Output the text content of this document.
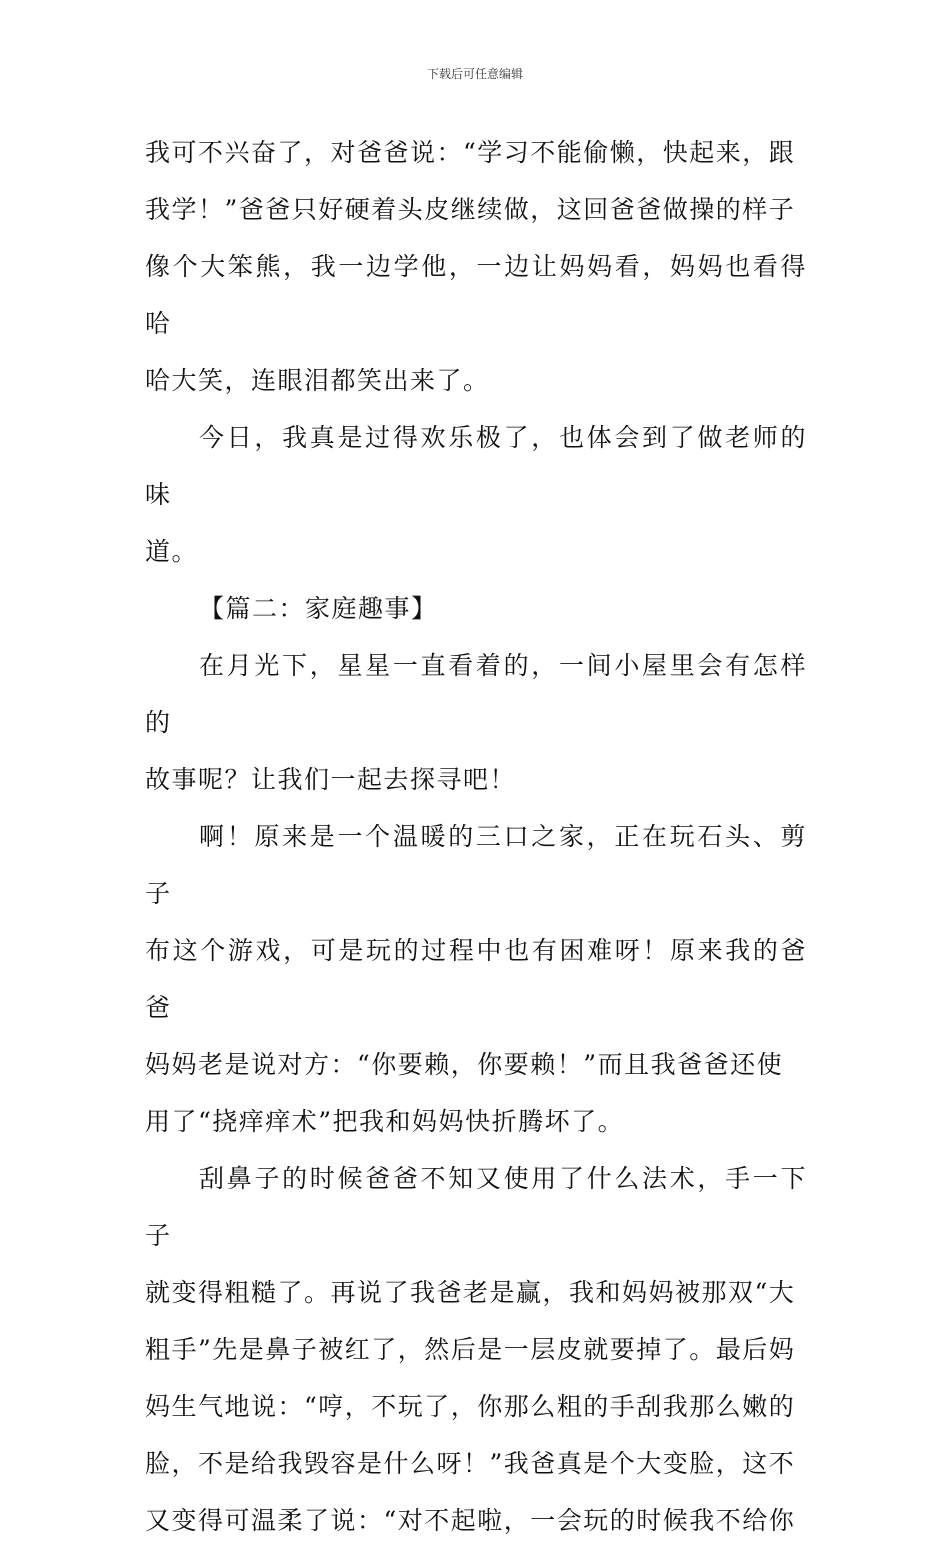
下载后可任意编辑

我可不兴奋了，对爸爸说：“学习不能偷懒，快起来，跟
我学！”爸爸只好硬着头皮继续做，这回爸爸做操的样子
像个大笨熊，我一边学他，一边让妈妈看，妈妈也看得哈
哈大笑，连眼泪都笑出来了。

今日，我真是过得欢乐极了，也体会到了做老师的味
道。

【篇二：家庭趣事】

在月光下，星星一直看着的，一间小屋里会有怎样的
故事呢？让我们一起去探寻吧！

啊！原来是一个温暖的三口之家，正在玩石头、剪子
布这个游戏，可是玩的过程中也有困难呀！原来我的爸爸
妈妈老是说对方：“你要赖，你要赖！”而且我爸爸还使
用了“挠痒痒术”把我和妈妈快折腾坏了。

刮鼻子的时候爸爸不知又使用了什么法术，手一下子
就变得粗糙了。再说了我爸老是赢，我和妈妈被那双“大
粗手”先是鼻子被红了，然后是一层皮就要掉了。最后妈
妈生气地说：“哼，不玩了，你那么粗的手刮我那么嫩的
脸，不是给我毁容是什么呀！”我爸真是个大变脸，这不
又变得可温柔了说：“对不起啦，一会玩的时候我不给你
